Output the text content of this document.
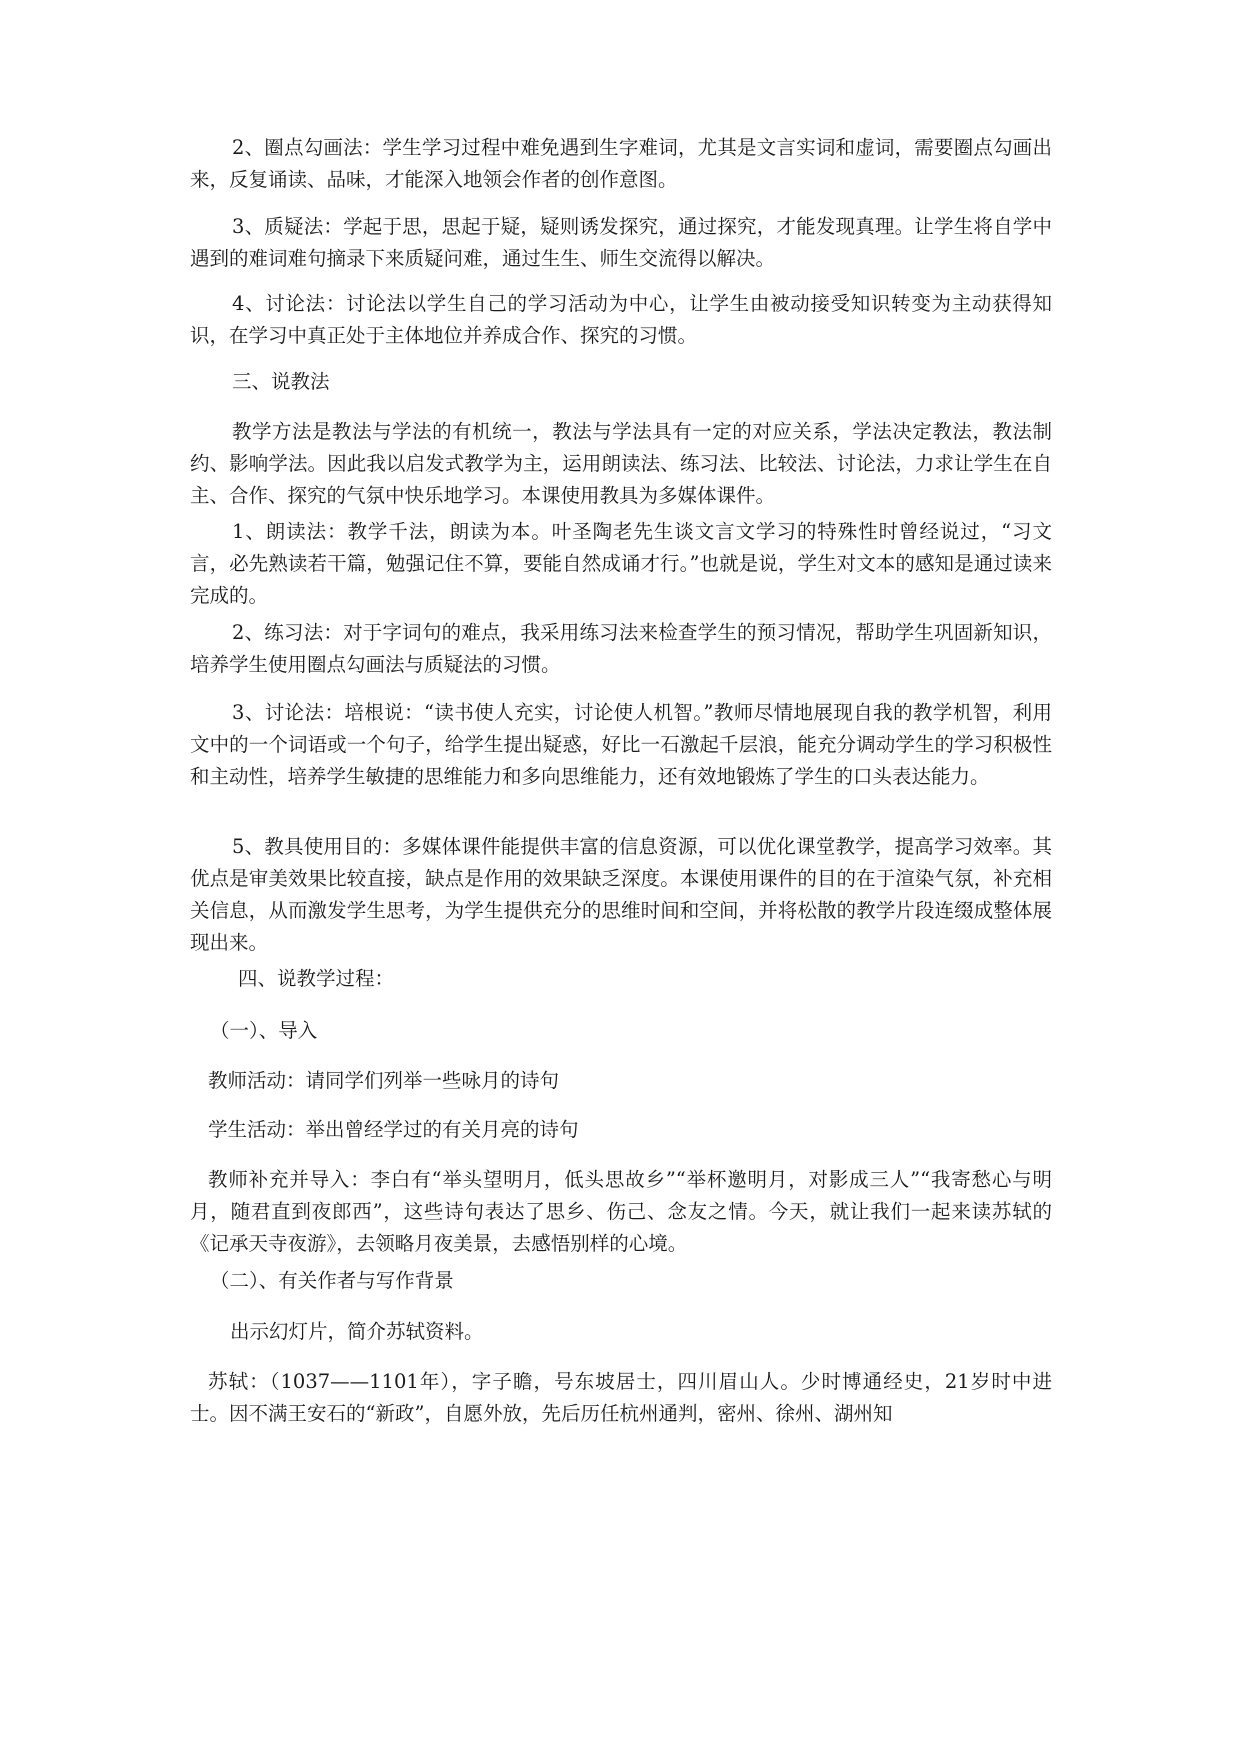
2、圈点勾画法：学生学习过程中难免遇到生字难词，尤其是文言实词和虚词，需要圈点勾画出来，反复诵读、品味，才能深入地领会作者的创作意图。

3、质疑法：学起于思，思起于疑，疑则诱发探究，通过探究，才能发现真理。让学生将自学中遇到的难词难句摘录下来质疑问难，通过生生、师生交流得以解决。

4、讨论法：讨论法以学生自己的学习活动为中心，让学生由被动接受知识转变为主动获得知识，在学习中真正处于主体地位并养成合作、探究的习惯。

三、说教法

教学方法是教法与学法的有机统一，教法与学法具有一定的对应关系，学法决定教法，教法制约、影响学法。因此我以启发式教学为主，运用朗读法、练习法、比较法、讨论法，力求让学生在自主、合作、探究的气氛中快乐地学习。本课使用教具为多媒体课件。

1、朗读法：教学千法，朗读为本。叶圣陶老先生谈文言文学习的特殊性时曾经说过，“习文言，必先熟读若干篇，勉强记住不算，要能自然成诵才行。”也就是说，学生对文本的感知是通过读来完成的。

2、练习法：对于字词句的难点，我采用练习法来检查学生的预习情况，帮助学生巩固新知识，培养学生使用圈点勾画法与质疑法的习惯。

3、讨论法：培根说：“读书使人充实，讨论使人机智。”教师尽情地展现自我的教学机智，利用文中的一个词语或一个句子，给学生提出疑惑，好比一石激起千层浪，能充分调动学生的学习积极性和主动性，培养学生敏捷的思维能力和多向思维能力，还有效地锻炼了学生的口头表达能力。

5、教具使用目的：多媒体课件能提供丰富的信息资源，可以优化课堂教学，提高学习效率。其优点是审美效果比较直接，缺点是作用的效果缺乏深度。本课使用课件的目的在于渲染气氛，补充相关信息，从而激发学生思考，为学生提供充分的思维时间和空间，并将松散的教学片段连缀成整体展现出来。

四、说教学过程：

（一）、导入

教师活动：请同学们列举一些咏月的诗句

学生活动：举出曾经学过的有关月亮的诗句

教师补充并导入：李白有“举头望明月，低头思故乡”“举杯邀明月，对影成三人”“我寄愁心与明月，随君直到夜郎西”，这些诗句表达了思乡、伤己、念友之情。今天，就让我们一起来读苏轼的《记承天寺夜游》，去领略月夜美景，去感悟别样的心境。

（二）、有关作者与写作背景

出示幻灯片，简介苏轼资料。

苏轼：（1037——1101年），字子瞻，号东坡居士，四川眉山人。少时博通经史，21岁时中进士。因不满王安石的“新政”，自愿外放，先后历任杭州通判，密州、徐州、湖州知
